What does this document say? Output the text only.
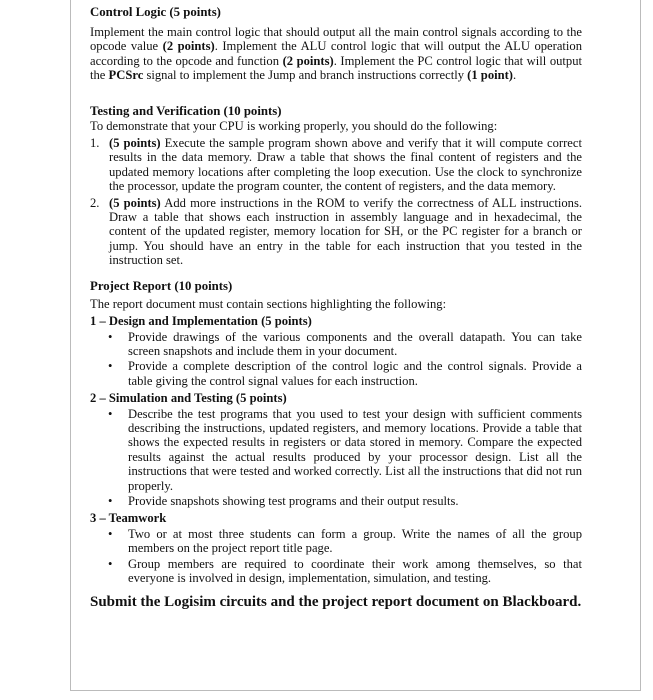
Control Logic (5 points)

Implement the main control logic that should output all the main control signals according to the opcode value (2 points). Implement the ALU control logic that will output the ALU operation according to the opcode and function (2 points). Implement the PC control logic that will output the PCSrc signal to implement the Jump and branch instructions correctly (1 point).

Testing and Verification (10 points)

To demonstrate that your CPU is working properly, you should do the following:

1. (5 points) Execute the sample program shown above and verify that it will compute correct results in the data memory. Draw a table that shows the final content of registers and the updated memory locations after completing the loop execution. Use the clock to synchronize the processor, update the program counter, the content of registers, and the data memory.
2. (5 points) Add more instructions in the ROM to verify the correctness of ALL instructions. Draw a table that shows each instruction in assembly language and in hexadecimal, the content of the updated register, memory location for SH, or the PC register for a branch or jump. You should have an entry in the table for each instruction that you tested in the instruction set.
Project Report (10 points)

The report document must contain sections highlighting the following:

1 – Design and Implementation (5 points)
• Provide drawings of the various components and the overall datapath. You can take screen snapshots and include them in your document.
• Provide a complete description of the control logic and the control signals. Provide a table giving the control signal values for each instruction.
2 – Simulation and Testing (5 points)
• Describe the test programs that you used to test your design with sufficient comments describing the instructions, updated registers, and memory locations. Provide a table that shows the expected results in registers or data stored in memory. Compare the expected results against the actual results produced by your processor design. List all the instructions that were tested and worked correctly. List all the instructions that did not run properly.
• Provide snapshots showing test programs and their output results.
3 – Teamwork
• Two or at most three students can form a group. Write the names of all the group members on the project report title page.
• Group members are required to coordinate their work among themselves, so that everyone is involved in design, implementation, simulation, and testing.
Submit the Logisim circuits and the project report document on Blackboard.
